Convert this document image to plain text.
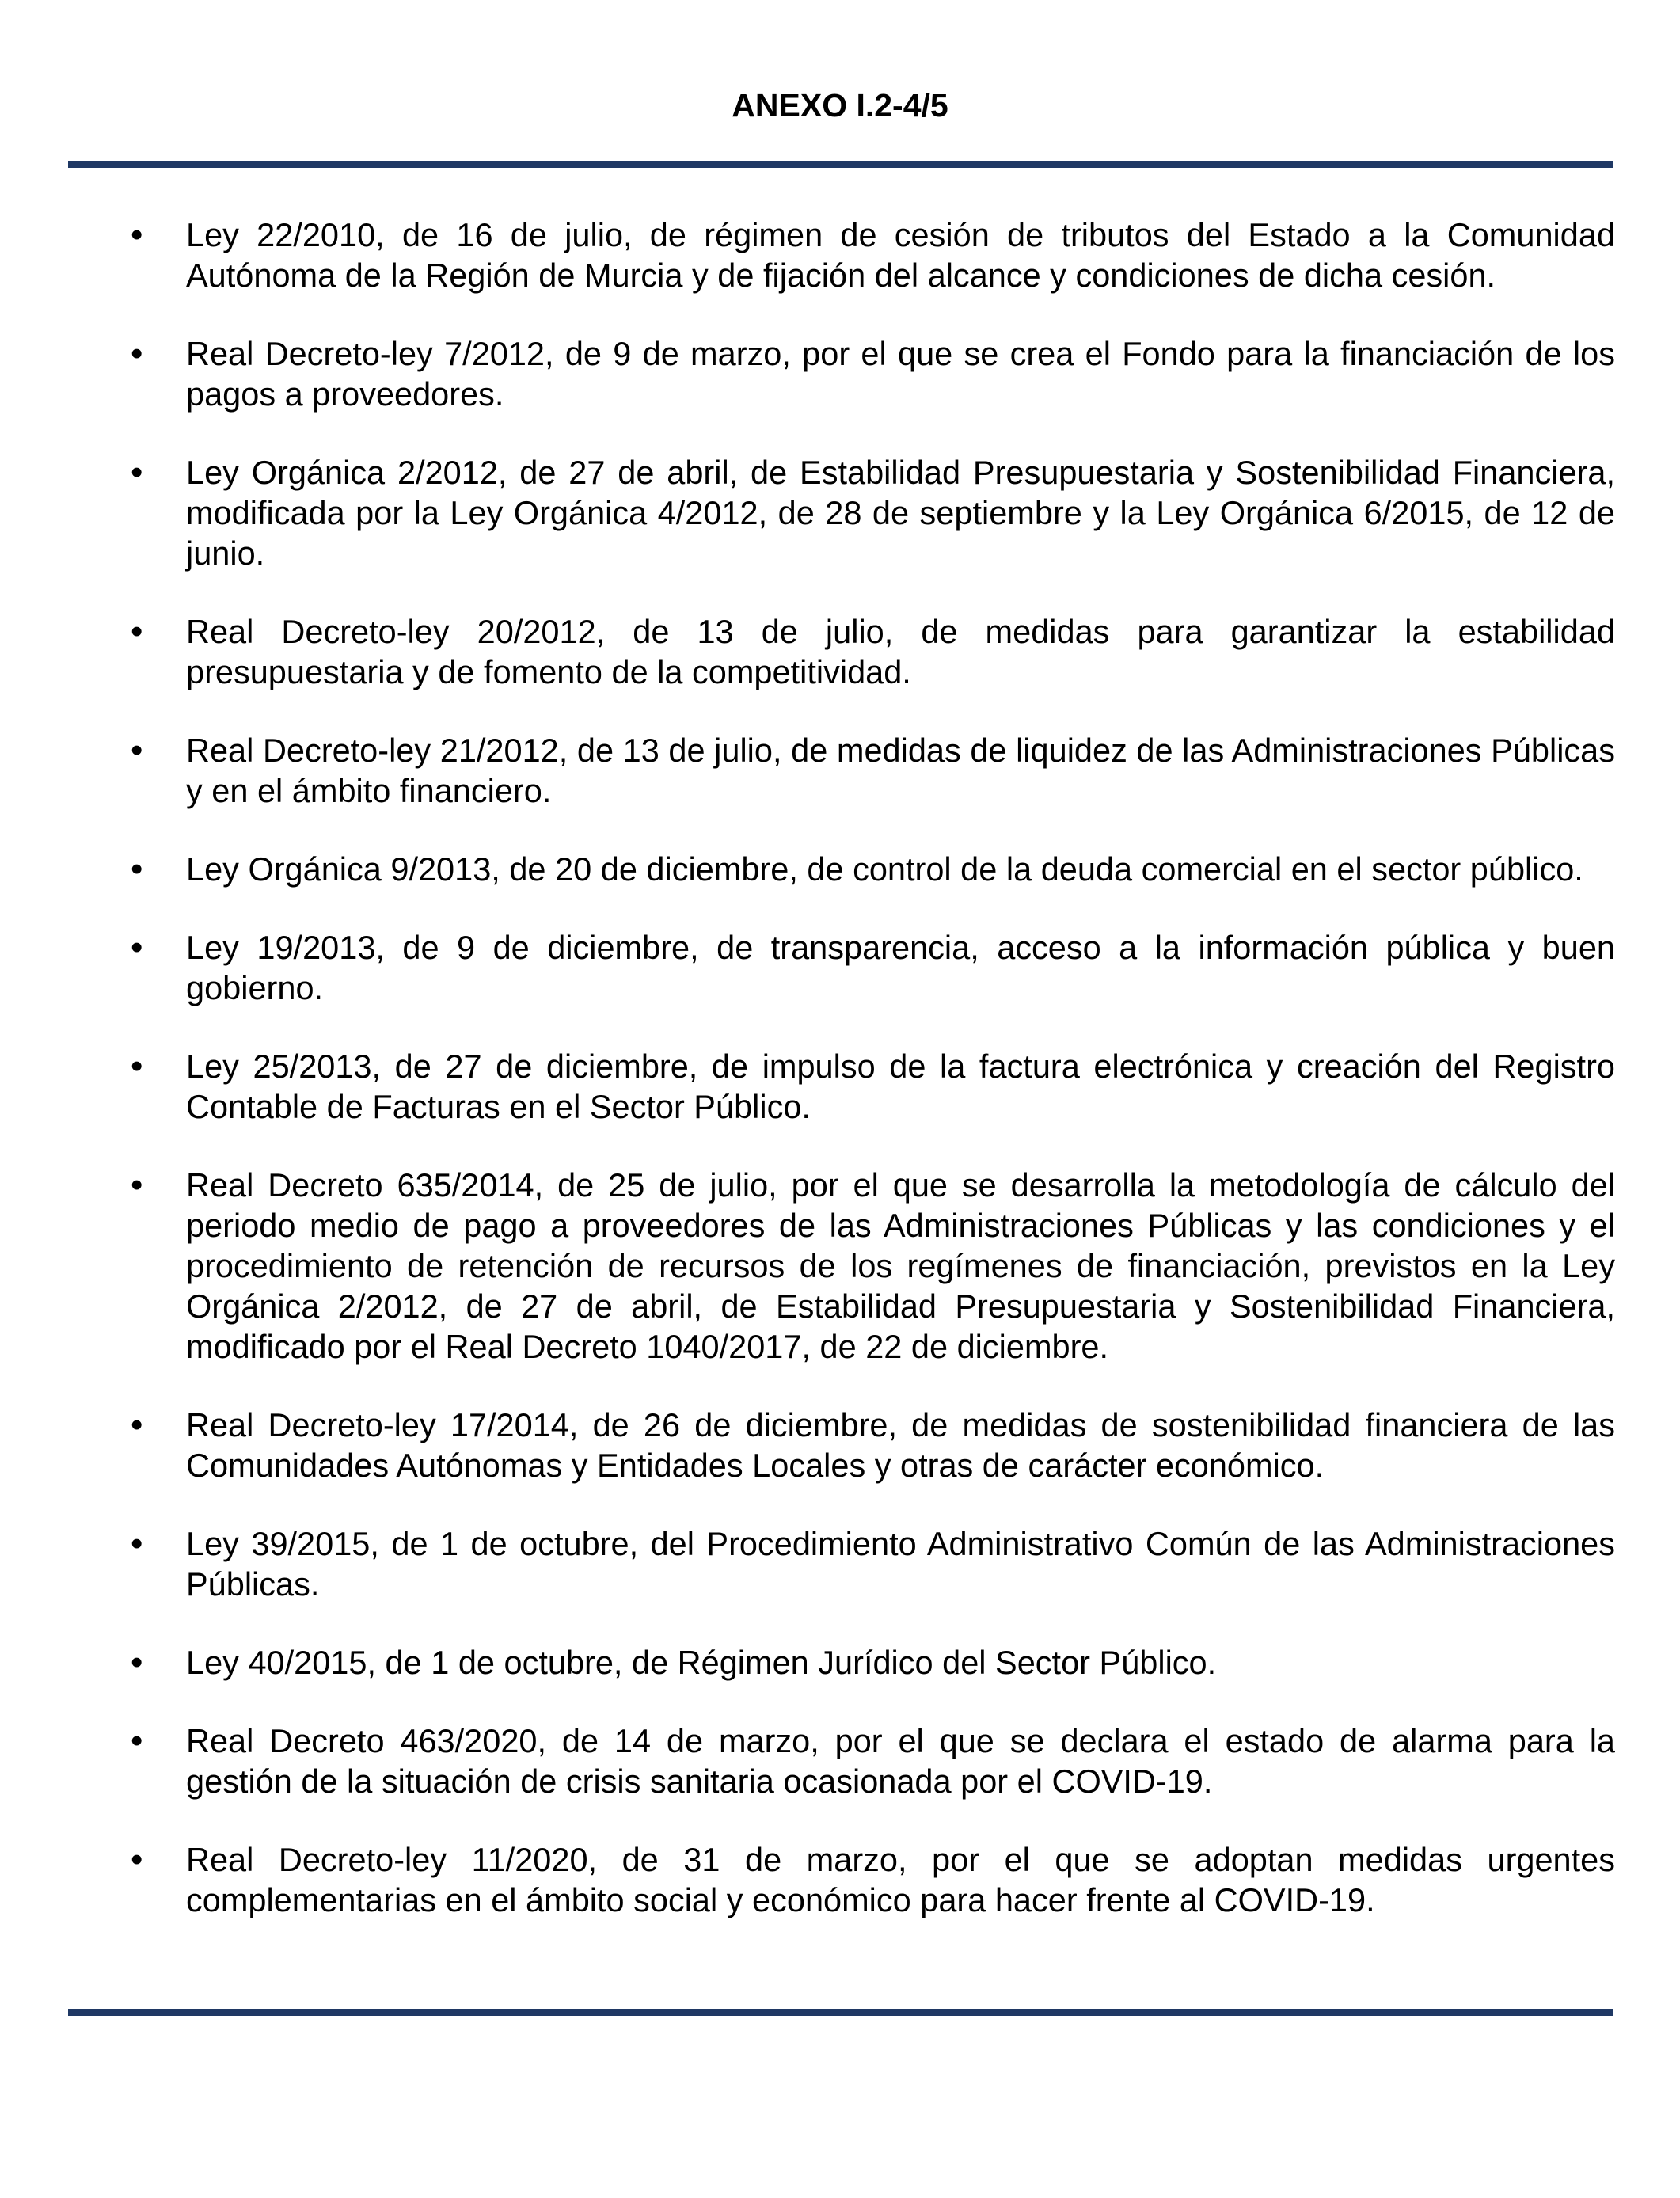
ANEXO I.2-4/5
• Ley 22/2010, de 16 de julio, de régimen de cesión de tributos del Estado a la Comunidad Autónoma de la Región de Murcia y de fijación del alcance y condiciones de dicha cesión.
• Real Decreto-ley 7/2012, de 9 de marzo, por el que se crea el Fondo para la financiación de los pagos a proveedores.
• Ley Orgánica 2/2012, de 27 de abril, de Estabilidad Presupuestaria y Sostenibilidad Financiera, modificada por la Ley Orgánica 4/2012, de 28 de septiembre y la Ley Orgánica 6/2015, de 12 de junio.
• Real Decreto-ley 20/2012, de 13 de julio, de medidas para garantizar la estabilidad presupuestaria y de fomento de la competitividad.
• Real Decreto-ley 21/2012, de 13 de julio, de medidas de liquidez de las Administraciones Públicas y en el ámbito financiero.
• Ley Orgánica 9/2013, de 20 de diciembre, de control de la deuda comercial en el sector público.
• Ley 19/2013, de 9 de diciembre, de transparencia, acceso a la información pública y buen gobierno.
• Ley 25/2013, de 27 de diciembre, de impulso de la factura electrónica y creación del Registro Contable de Facturas en el Sector Público.
• Real Decreto 635/2014, de 25 de julio, por el que se desarrolla la metodología de cálculo del periodo medio de pago a proveedores de las Administraciones Públicas y las condiciones y el procedimiento de retención de recursos de los regímenes de financiación, previstos en la Ley Orgánica 2/2012, de 27 de abril, de Estabilidad Presupuestaria y Sostenibilidad Financiera, modificado por el Real Decreto 1040/2017, de 22 de diciembre.
• Real Decreto-ley 17/2014, de 26 de diciembre, de medidas de sostenibilidad financiera de las Comunidades Autónomas y Entidades Locales y otras de carácter económico.
• Ley 39/2015, de 1 de octubre, del Procedimiento Administrativo Común de las Administraciones Públicas.
• Ley 40/2015, de 1 de octubre, de Régimen Jurídico del Sector Público.
• Real Decreto 463/2020, de 14 de marzo, por el que se declara el estado de alarma para la gestión de la situación de crisis sanitaria ocasionada por el COVID-19.
• Real Decreto-ley 11/2020, de 31 de marzo, por el que se adoptan medidas urgentes complementarias en el ámbito social y económico para hacer frente al COVID-19.
